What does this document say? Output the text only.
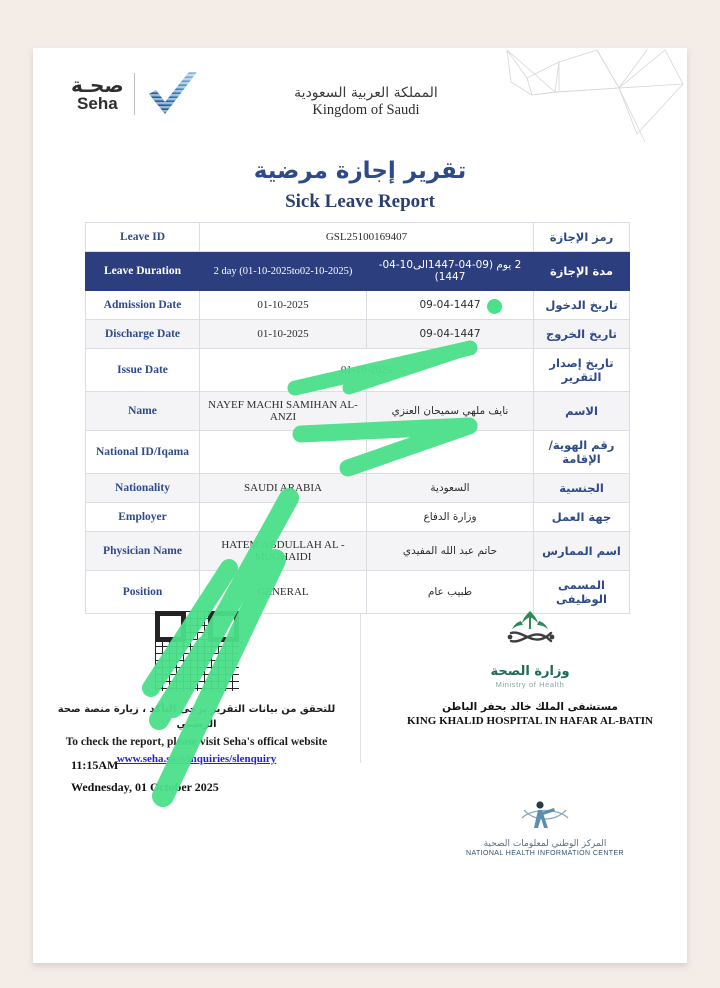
صحـة
Seha
المملكة العربية السعودية
Kingdom of Saudi
تقرير إجازة مرضية
Sick Leave Report
Leave ID	GSL25100169407		رمز الإجازة
Leave Duration	2 day (01-10-2025to02-10-2025)	2 يوم (09-04-1447الى10-04-1447)	مدة الإجازة
Admission Date	01-10-2025	09-04-1447	تاريخ الدخول
Discharge Date	01-10-2025	09-04-1447	تاريخ الخروج
Issue Date	01-10-2025		تاريخ إصدار التقرير
Name	NAYEF MACHI SAMIHAN AL-ANZI	نايف ملهي سميحان العنزي	الاسم
National ID/Iqama			رقم الهوية/الإقامة
Nationality	SAUDI ARABIA	السعودية	الجنسية
Employer		وزارة الدفاع	جهة العمل
Physician Name	HATEM ABDULLAH AL - MUGHAIDI	حاتم عبد الله المفيدي	اسم الممارس
Position	GENERAL	طبيب عام	المسمى الوظيفى
للتحقق من بيانات التقرير يرجى التأكد ، زيارة منصة صحة الرسمي
To check the report, please visit Seha's offical website
www.seha.sa/#/inquiries/slenquiry
11:15AM
Wednesday, 01 October 2025
وزارة الصحة
Ministry of Health
مستشفى الملك خالد بحفر الباطن
KING KHALID HOSPITAL IN HAFAR AL-BATIN
المركز الوطني لمعلومات الصحية
NATIONAL HEALTH INFORMATION CENTER
